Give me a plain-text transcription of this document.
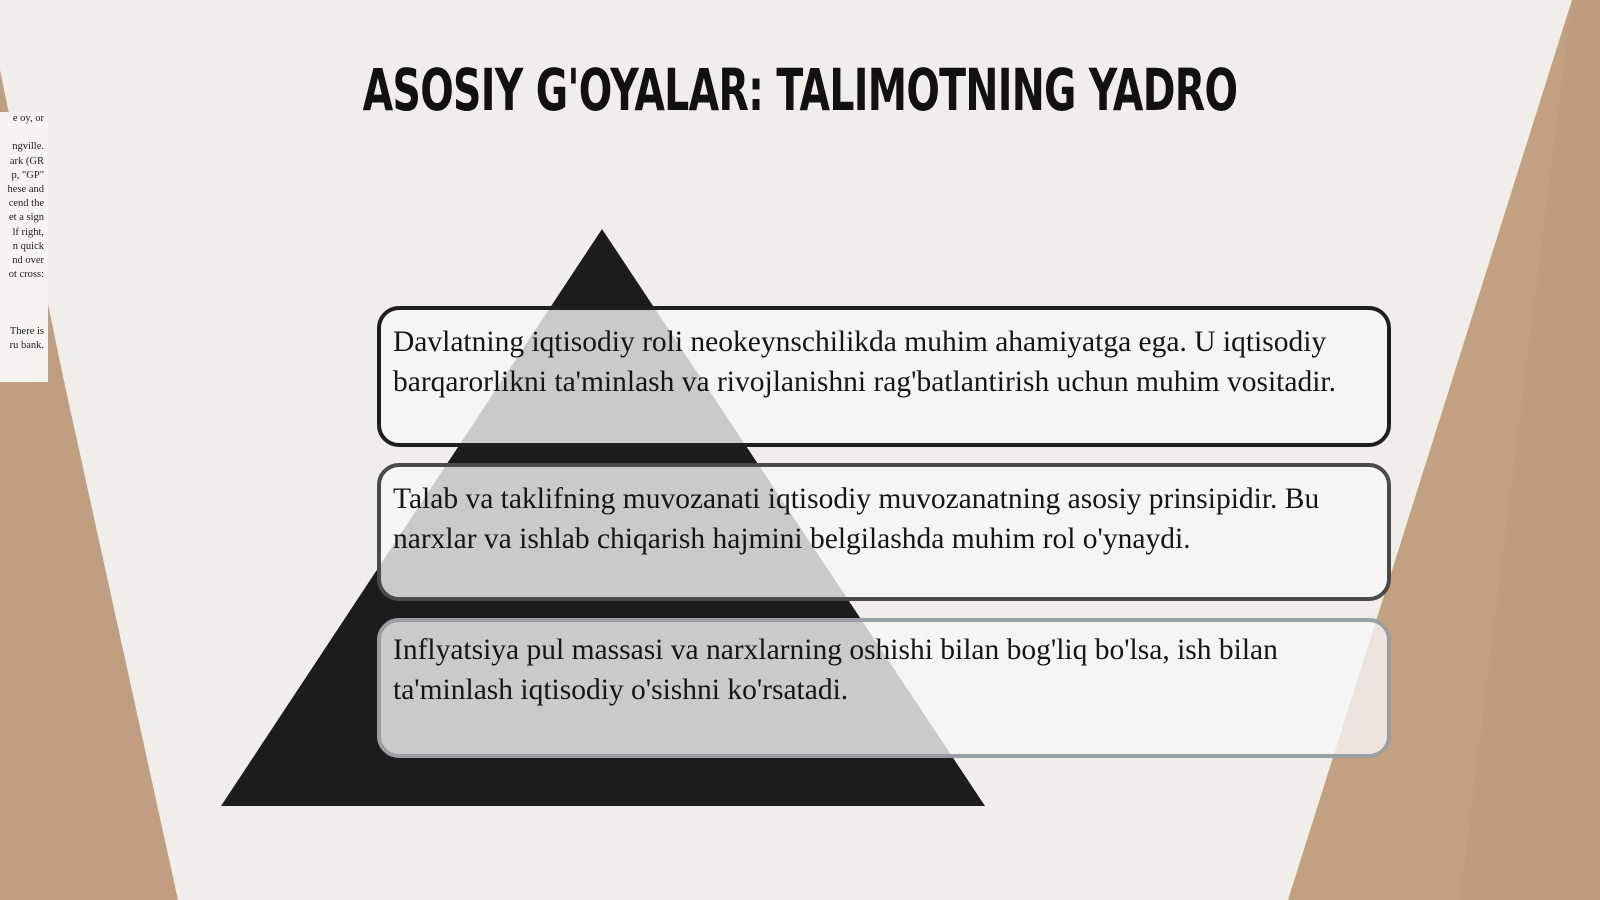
e oy, or
ngville.
ark (GR
p, "GP"
hese and
cend the
et a sign
lf right,
n quick
nd over
ot cross:
There is
ru bank.
ASOSIY G'OYALAR: TALIMOTNING YADRO
Davlatning iqtisodiy roli neokeynschilikda muhim ahamiyatga ega. U iqtisodiy barqarorlikni ta'minlash va rivojlanishni rag'batlantirish uchun muhim vositadir.
Talab va taklifning muvozanati iqtisodiy muvozanatning asosiy prinsipidir. Bu narxlar va ishlab chiqarish hajmini belgilashda muhim rol o'ynaydi.
Inflyatsiya pul massasi va narxlarning oshishi bilan bog'liq bo'lsa, ish bilan ta'minlash iqtisodiy o'sishni ko'rsatadi.
